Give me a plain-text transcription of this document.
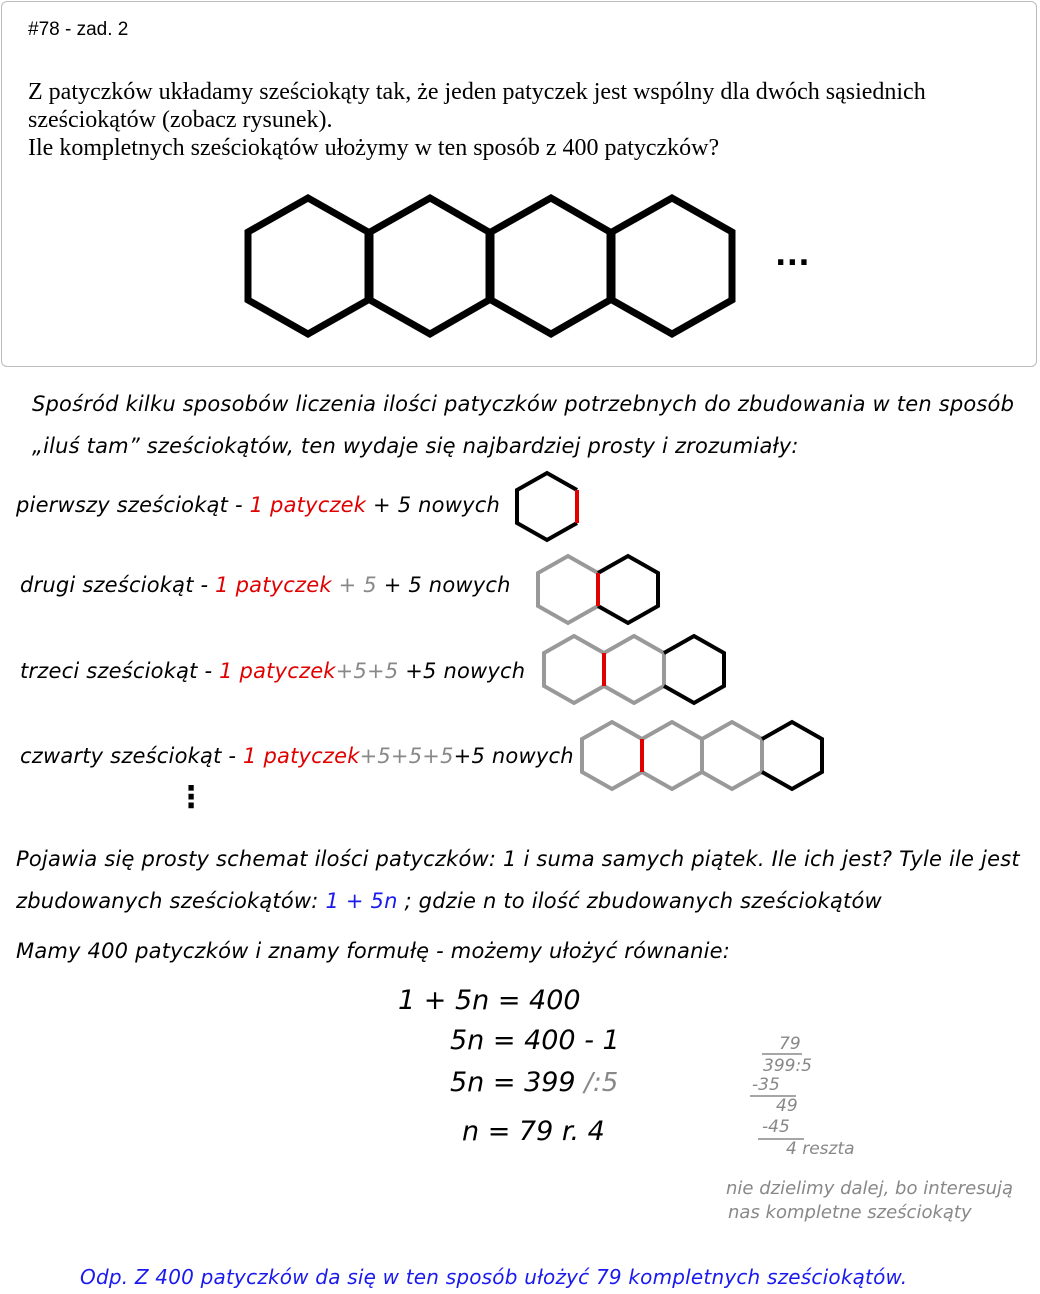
#78 - zad. 2
Z patyczków układamy sześciokąty tak, że jeden patyczek jest wspólny dla dwóch sąsiednich
sześciokątów (zobacz rysunek).
Ile kompletnych sześciokątów ułożymy w ten sposób z 400 patyczków?
...
Spośród kilku sposobów liczenia ilości patyczków potrzebnych do zbudowania w ten sposób
„iluś tam” sześciokątów, ten wydaje się najbardziej prosty i zrozumiały:
pierwszy sześciokąt - 1 patyczek + 5 nowych
drugi sześciokąt - 1 patyczek + 5 + 5 nowych
trzeci sześciokąt - 1 patyczek+5+5 +5 nowych
czwarty sześciokąt - 1 patyczek+5+5+5+5 nowych
⋮
Pojawia się prosty schemat ilości patyczków: 1 i suma samych piątek. Ile ich jest? Tyle ile jest
zbudowanych sześciokątów: 1 + 5n ; gdzie n to ilość zbudowanych sześciokątów
Mamy 400 patyczków i znamy formułę - możemy ułożyć równanie:
1 + 5n = 400
5n = 400 - 1
5n = 399 /:5
n = 79 r. 4
79
399:5
-35
49
-45
4 reszta
nie dzielimy dalej, bo interesują
nas kompletne sześciokąty
Odp. Z 400 patyczków da się w ten sposób ułożyć 79 kompletnych sześciokątów.
